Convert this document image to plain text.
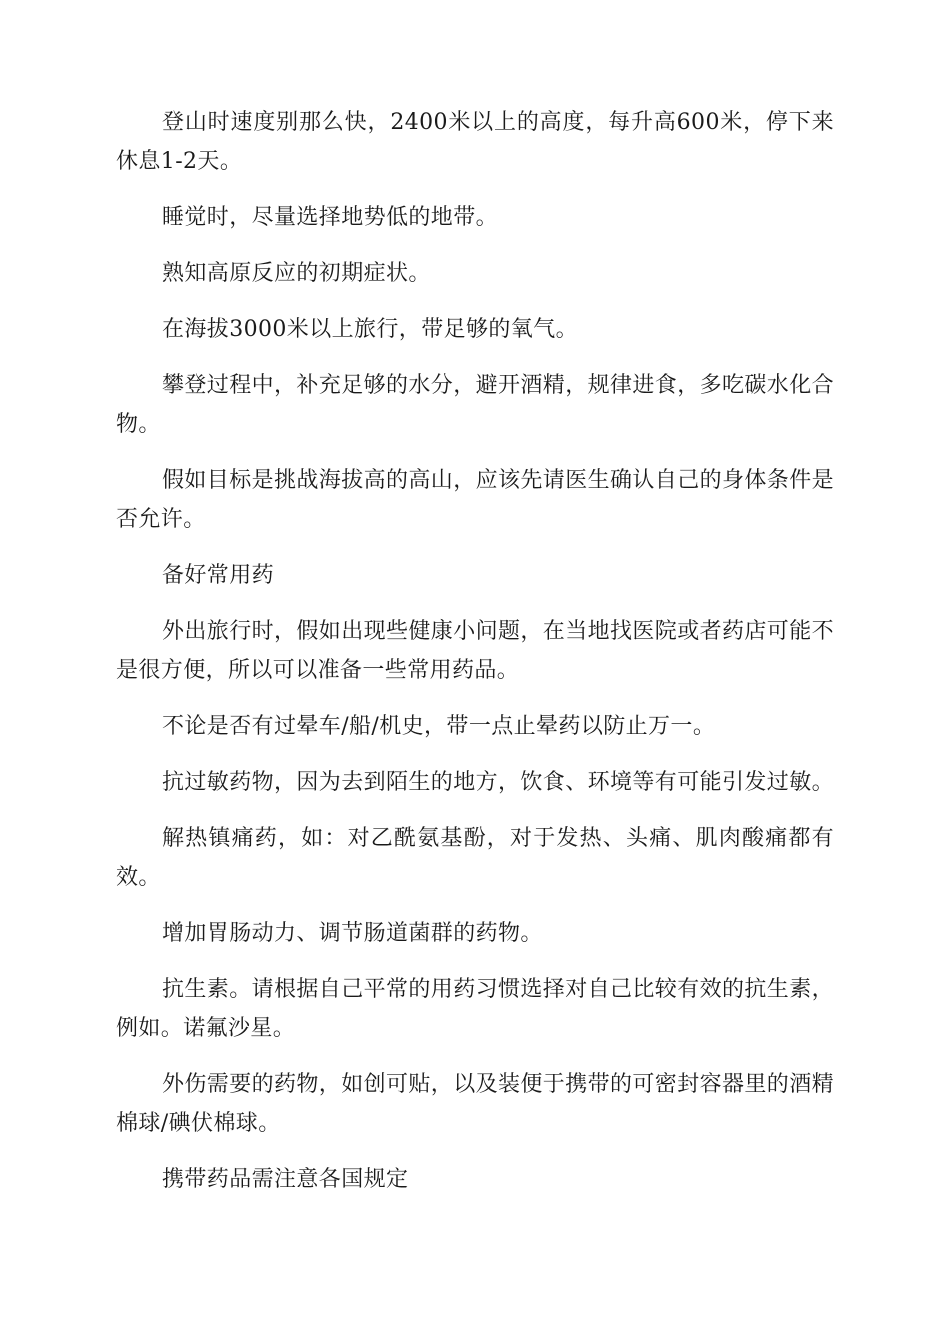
登山时速度别那么快，2400米以上的高度，每升高600米，停下来休息1-2天。

睡觉时，尽量选择地势低的地带。

熟知高原反应的初期症状。

在海拔3000米以上旅行，带足够的氧气。

攀登过程中，补充足够的水分，避开酒精，规律进食，多吃碳水化合物。

假如目标是挑战海拔高的高山，应该先请医生确认自己的身体条件是否允许。

备好常用药

外出旅行时，假如出现些健康小问题，在当地找医院或者药店可能不是很方便，所以可以准备一些常用药品。

不论是否有过晕车/船/机史，带一点止晕药以防止万一。

抗过敏药物，因为去到陌生的地方，饮食、环境等有可能引发过敏。

解热镇痛药，如：对乙酰氨基酚，对于发热、头痛、肌肉酸痛都有效。

增加胃肠动力、调节肠道菌群的药物。

抗生素。请根据自己平常的用药习惯选择对自己比较有效的抗生素，例如。诺氟沙星。

外伤需要的药物，如创可贴，以及装便于携带的可密封容器里的酒精棉球/碘伏棉球。

携带药品需注意各国规定
